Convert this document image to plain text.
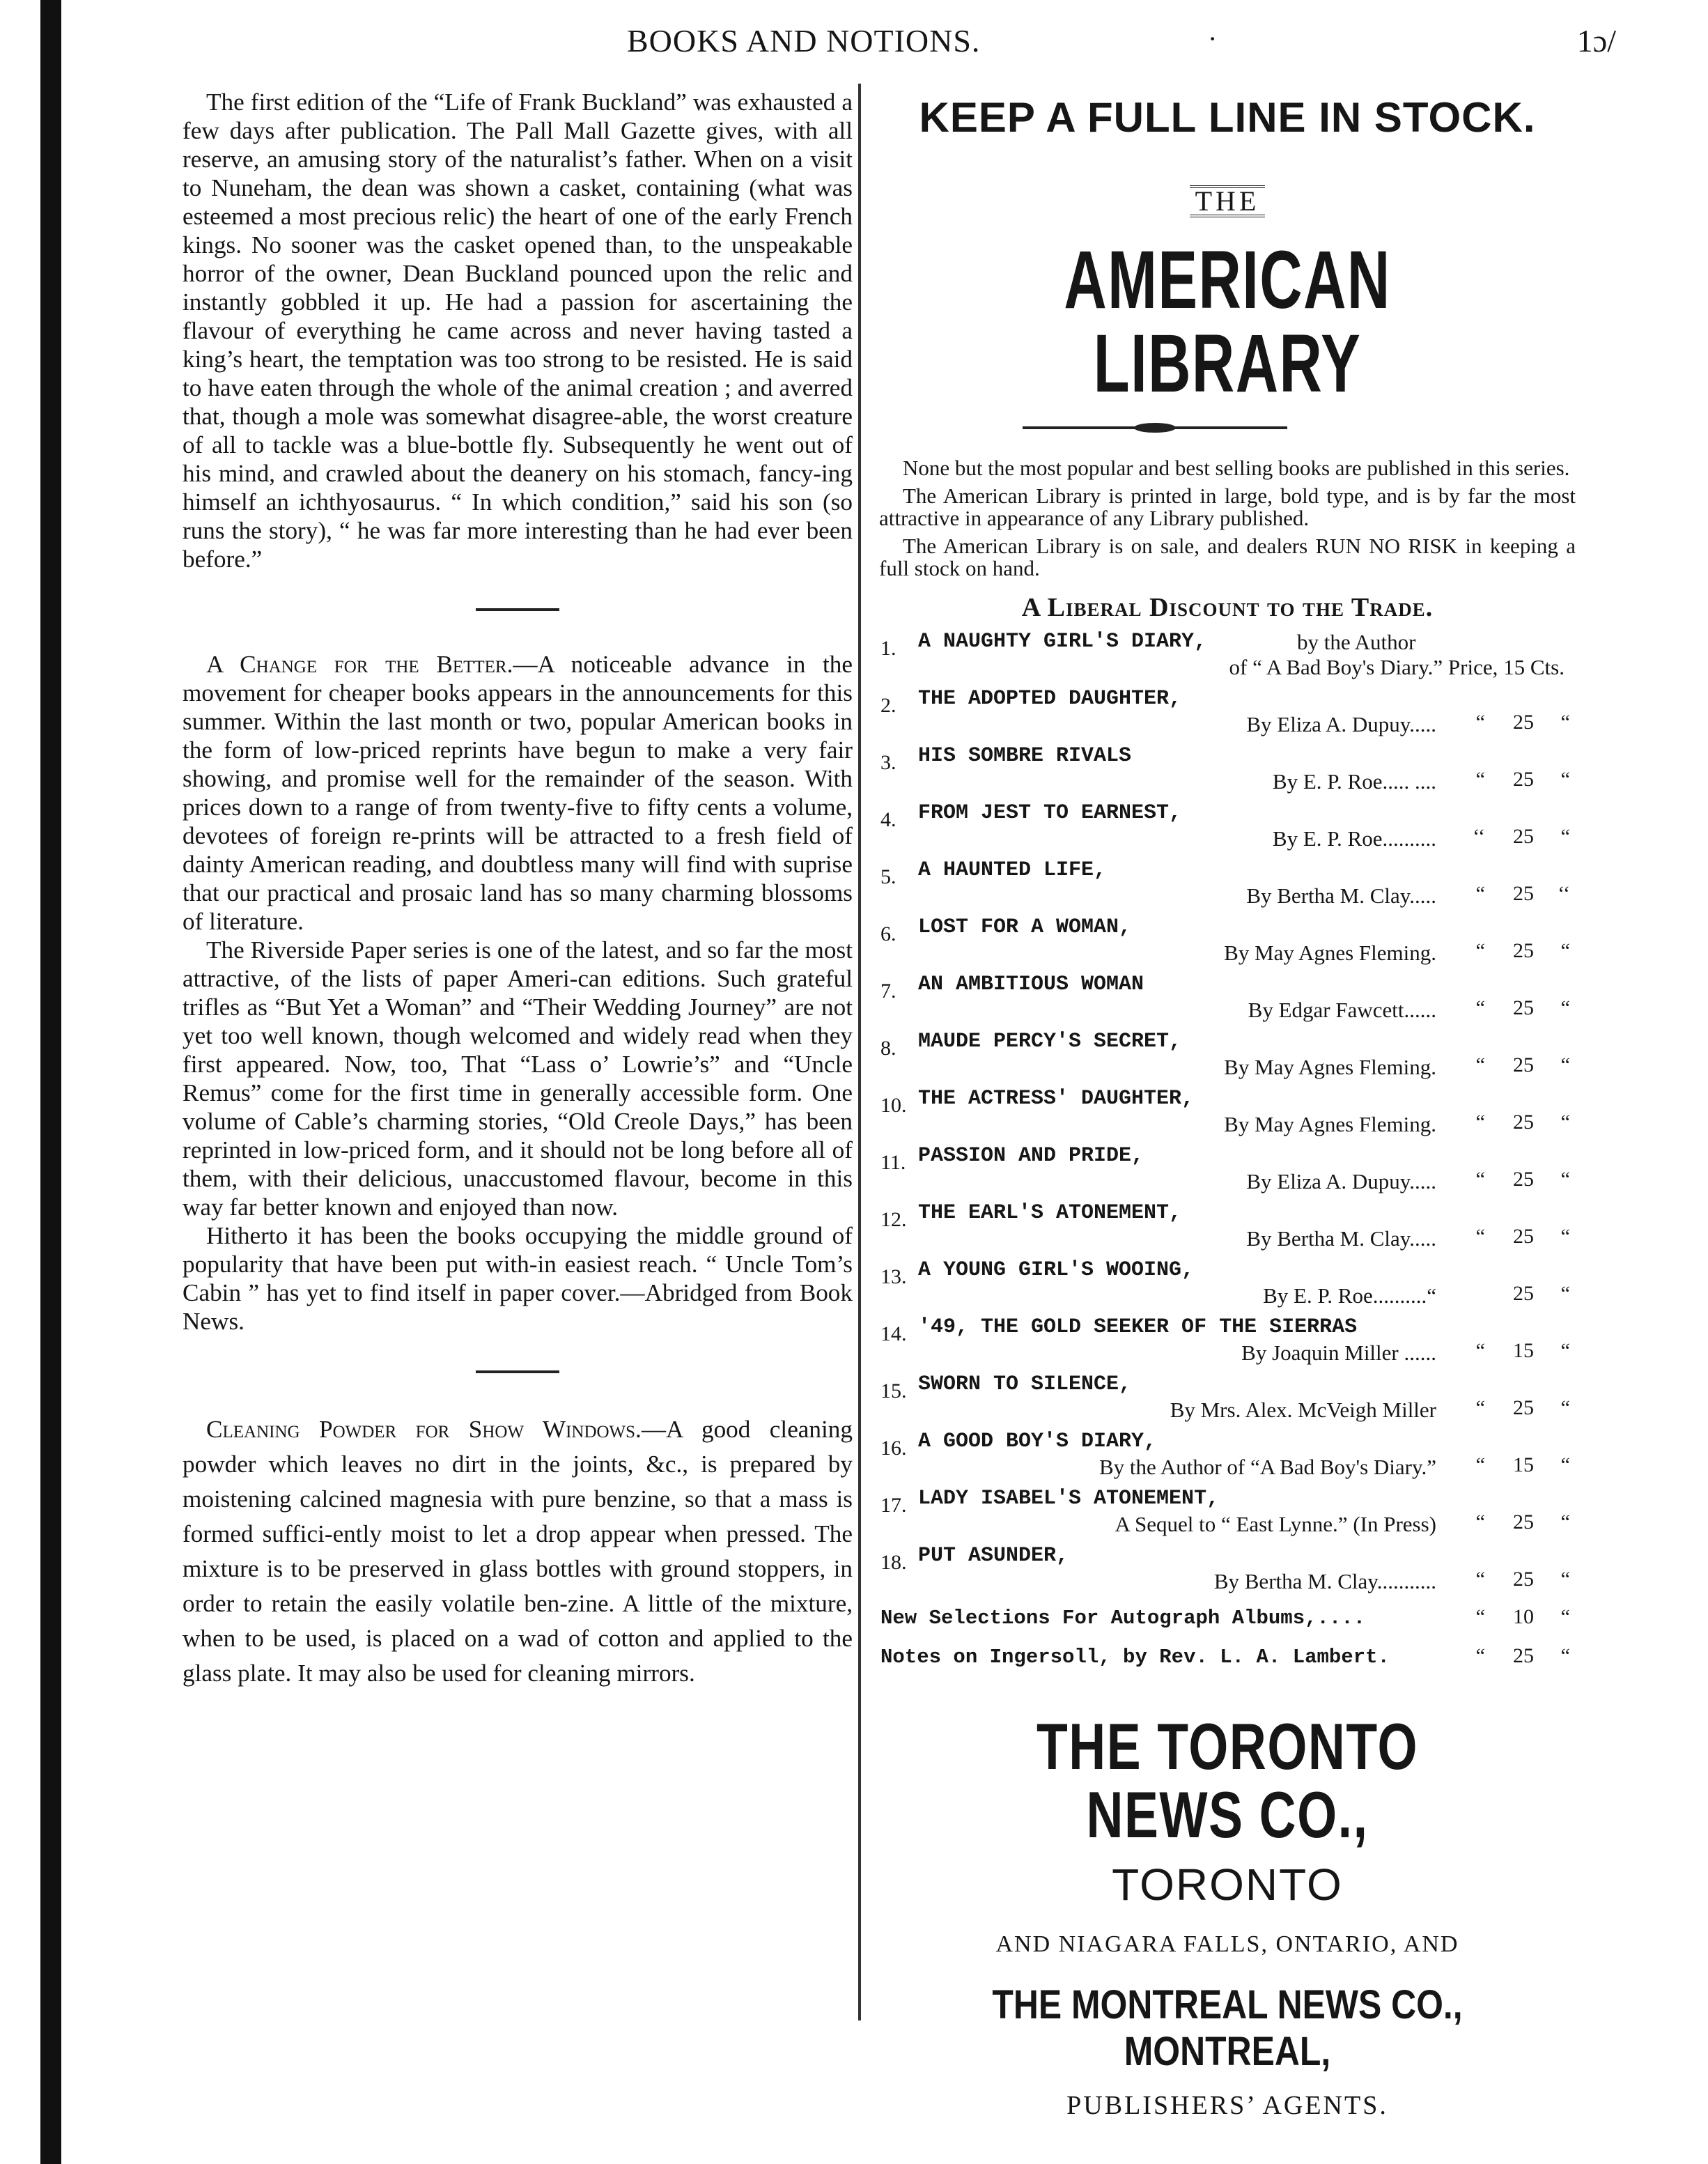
BOOKS AND NOTIONS.	·	1ɔ/

The first edition of the “Life of Frank Buckland” was exhausted a few days after publication. The Pall Mall Gazette gives, with all reserve, an amusing story of the naturalist’s father. When on a visit to Nuneham, the dean was shown a casket, containing (what was esteemed a most precious relic) the heart of one of the early French kings. No sooner was the casket opened than, to the unspeakable horror of the owner, Dean Buckland pounced upon the relic and instantly gobbled it up. He had a passion for ascertaining the flavour of everything he came across and never having tasted a king’s heart, the temptation was too strong to be resisted. He is said to have eaten through the whole of the animal creation ; and averred that, though a mole was somewhat disagree-able, the worst creature of all to tackle was a blue-bottle fly. Subsequently he went out of his mind, and crawled about the deanery on his stomach, fancy-ing himself an ichthyosaurus. “ In which condition,” said his son (so runs the story), “ he was far more interesting than he had ever been before.”

A Change for the Better.—A noticeable advance in the movement for cheaper books appears in the announcements for this summer. Within the last month or two, popular American books in the form of low-priced reprints have begun to make a very fair showing, and promise well for the remainder of the season. With prices down to a range of from twenty-five to fifty cents a volume, devotees of foreign re-prints will be attracted to a fresh field of dainty American reading, and doubtless many will find with suprise that our practical and prosaic land has so many charming blossoms of literature.

The Riverside Paper series is one of the latest, and so far the most attractive, of the lists of paper Ameri-can editions. Such grateful trifles as “But Yet a Woman” and “Their Wedding Journey” are not yet too well known, though welcomed and widely read when they first appeared. Now, too, That “Lass o’ Lowrie’s” and “Uncle Remus” come for the first time in generally accessible form. One volume of Cable’s charming stories, “Old Creole Days,” has been reprinted in low-priced form, and it should not be long before all of them, with their delicious, unaccustomed flavour, become in this way far better known and enjoyed than now.

Hitherto it has been the books occupying the middle ground of popularity that have been put with-in easiest reach. “ Uncle Tom’s Cabin ” has yet to find itself in paper cover.—Abridged from Book News.

Cleaning Powder for Show Windows.—A good cleaning powder which leaves no dirt in the joints, &c., is prepared by moistening calcined magnesia with pure benzine, so that a mass is formed suffici-ently moist to let a drop appear when pressed. The mixture is to be preserved in glass bottles with ground stoppers, in order to retain the easily volatile ben-zine. A little of the mixture, when to be used, is placed on a wad of cotton and applied to the glass plate. It may also be used for cleaning mirrors.

KEEP A FULL LINE IN STOCK.
THE
AMERICAN LIBRARY

None but the most popular and best selling books are published in this series.

The American Library is printed in large, bold type, and is by far the most attractive in appearance of any Library published.

The American Library is on sale, and dealers RUN NO RISK in keeping a full stock on hand.

A Liberal Discount to the Trade.
1. A NAUGHTY GIRL'S DIARY,	by the Author
of “ A Bad Boy's Diary.” Price, 15 Cts.
2. THE ADOPTED DAUGHTER,
By Eliza A. Dupuy..... “ 25 “
3. HIS SOMBRE RIVALS
By E. P. Roe..... .... “ 25 “
4. FROM JEST TO EARNEST,
By E. P. Roe.......... ‘‘ 25 “
5. A HAUNTED LIFE,
By Bertha M. Clay..... “ 25 ‘‘
6. LOST FOR A WOMAN,
By May Agnes Fleming. “ 25 “
7. AN AMBITIOUS WOMAN
By Edgar Fawcett...... “ 25 “
8. MAUDE PERCY'S SECRET,
By May Agnes Fleming. “ 25 “
10. THE ACTRESS' DAUGHTER,
By May Agnes Fleming. “ 25 “
11. PASSION AND PRIDE,
By Eliza A. Dupuy..... “ 25 “
12. THE EARL'S ATONEMENT,
By Bertha M. Clay..... “ 25 “
13. A YOUNG GIRL'S WOOING,
By E. P. Roe..........“	25 “
14. '49, THE GOLD SEEKER OF THE SIERRAS
By Joaquin Miller ...... “ 15 “
15. SWORN TO SILENCE,
By Mrs. Alex. McVeigh Miller “ 25 “
16. A GOOD BOY'S DIARY,
By the Author of “A Bad Boy's Diary.” “ 15 “
17. LADY ISABEL'S ATONEMENT,
A Sequel to “ East Lynne.” (In Press) “ 25 “
18. PUT ASUNDER,
By Bertha M. Clay........... “ 25 “
New Selections For Autograph Albums,....	“ 10 “
Notes on Ingersoll, by Rev. L. A. Lambert.	“ 25 “
THE TORONTO NEWS CO.,
TORONTO
AND NIAGARA FALLS, ONTARIO, AND
THE MONTREAL NEWS CO., MONTREAL,
PUBLISHERS’ AGENTS.
